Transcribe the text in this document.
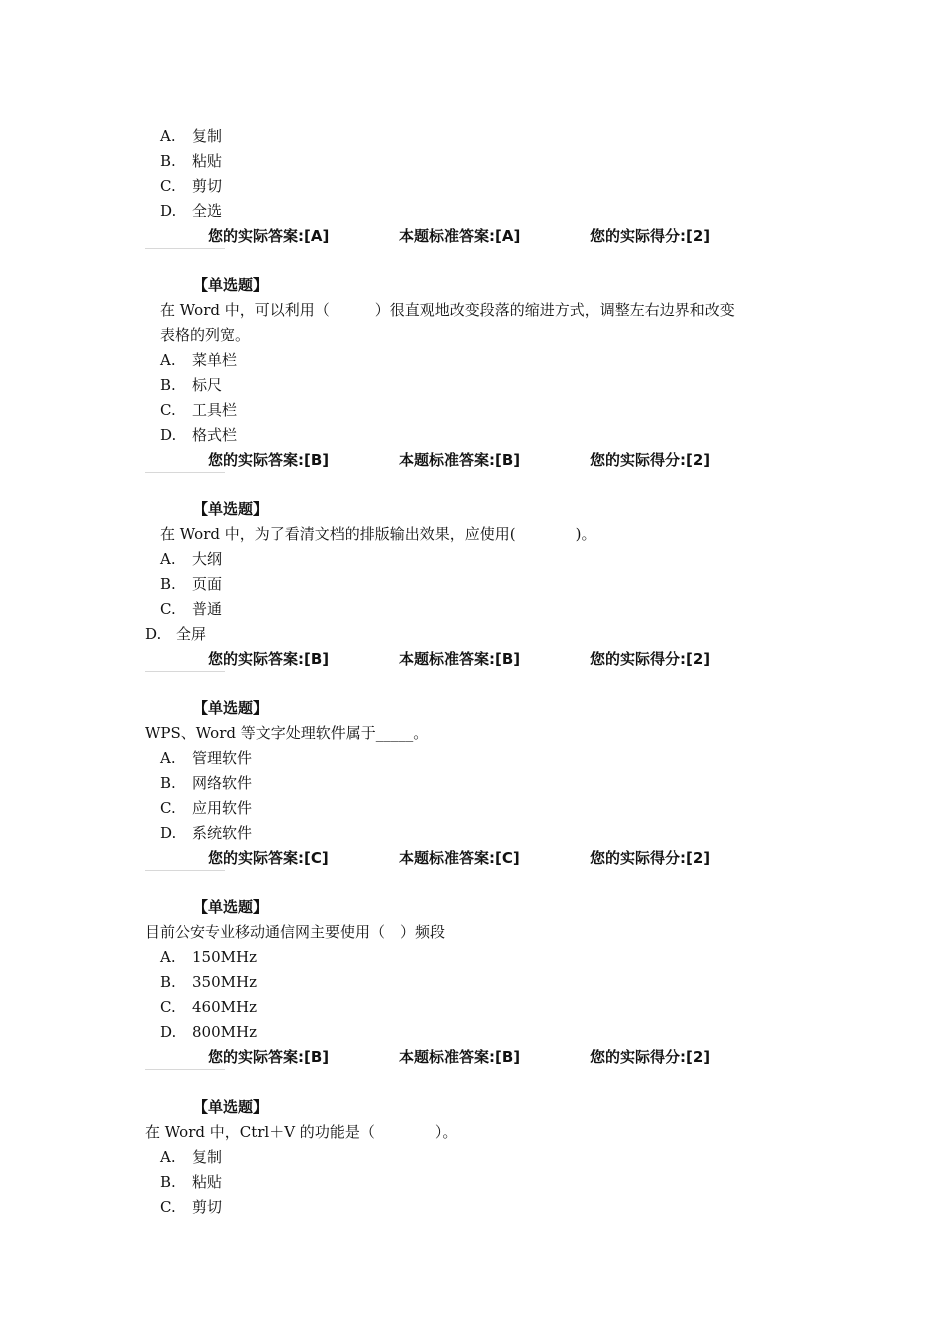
A. 复制
B. 粘贴
C. 剪切
D. 全选
您的实际答案:[A]	本题标准答案:[A]	您的实际得分:[2]
【单选题】
在 Word 中，可以利用（　　　）很直观地改变段落的缩进方式，调整左右边界和改变
表格的列宽。
A. 菜单栏
B. 标尺
C. 工具栏
D. 格式栏
您的实际答案:[B]	本题标准答案:[B]	您的实际得分:[2]
【单选题】
在 Word 中，为了看清文档的排版输出效果，应使用(　　　　)。
A. 大纲
B. 页面
C. 普通
D. 全屏
您的实际答案:[B]	本题标准答案:[B]	您的实际得分:[2]
【单选题】
WPS、Word 等文字处理软件属于_____。
A. 管理软件
B. 网络软件
C. 应用软件
D. 系统软件
您的实际答案:[C]	本题标准答案:[C]	您的实际得分:[2]
【单选题】
目前公安专业移动通信网主要使用（　）频段
A. 150MHz
B. 350MHz
C. 460MHz
D. 800MHz
您的实际答案:[B]	本题标准答案:[B]	您的实际得分:[2]
【单选题】
在 Word 中，Ctrl＋V 的功能是（　　　　）。
A. 复制
B. 粘贴
C. 剪切
